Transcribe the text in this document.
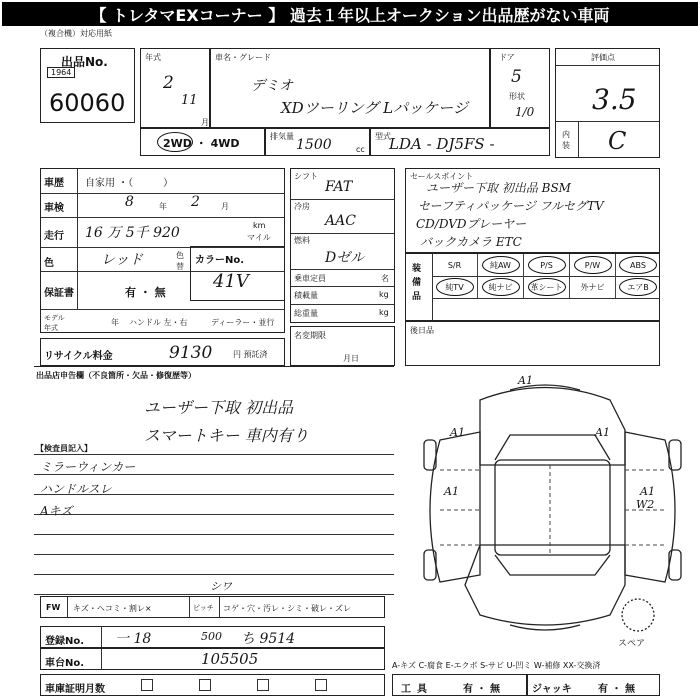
【 トレタマEXコーナー 】 過去１年以上オークション出品歴がない車両
（複合機）対応用紙
出品No.
1964
60060
年式
2
11
月
車名・グレード
デミオ
XDツーリング Lパッケージ
ドア
5
形状
1/0
評価点
3.5
内装 C
2WD ・ 4WD
排気量
1500	cc
型式
LDA - DJ5FS -
車歴 自家用 ・（　　　）
車検	8	年 2	月
走行 16 万 5千 920	km
マイル
色	レッド	色替
保証書	有 ・ 無
モデル年式
年 ハンドル 左・右	ディーラー・並行
カラーNo.
41V
リサイクル料金	9130	円 預託済
シフト
FAT
冷房
AAC
燃料
Dゼル
乗車定員	名
積載量	kg
総重量	kg
名変期限
月日
セールスポイント
ユーザー下取 初出品 BSM
セーフティパッケージ フルセグTV
CD/DVDプレーヤー
バックカメラ ETC
装備品
S/R	純AW	P/S	P/W	ABS
純TV	純ナビ	革シート	外ナビ	エアB
後日品
出品店申告欄（不良箇所・欠品・修復歴等）
ユーザー下取 初出品
スマートキー 車内有り
【検査員記入】
ミラーウィンカー
ハンドルスレ
Aキズ
FW キズ・ヘコミ・割レ×	ピッチ コゲ・穴・汚レ・シミ・破レ・ズレ
シワ
登録No. 一 18	500 ち 9514
車台No.	105505
車庫証明月数	工具	有 ・ 無	ジャッキ	有 ・ 無
A-キズ C-腐食 E-エクボ S-サビ U-凹ミ W-補修 XX-交換済
A1
A1	A1
A1	A1
W2
スペア
